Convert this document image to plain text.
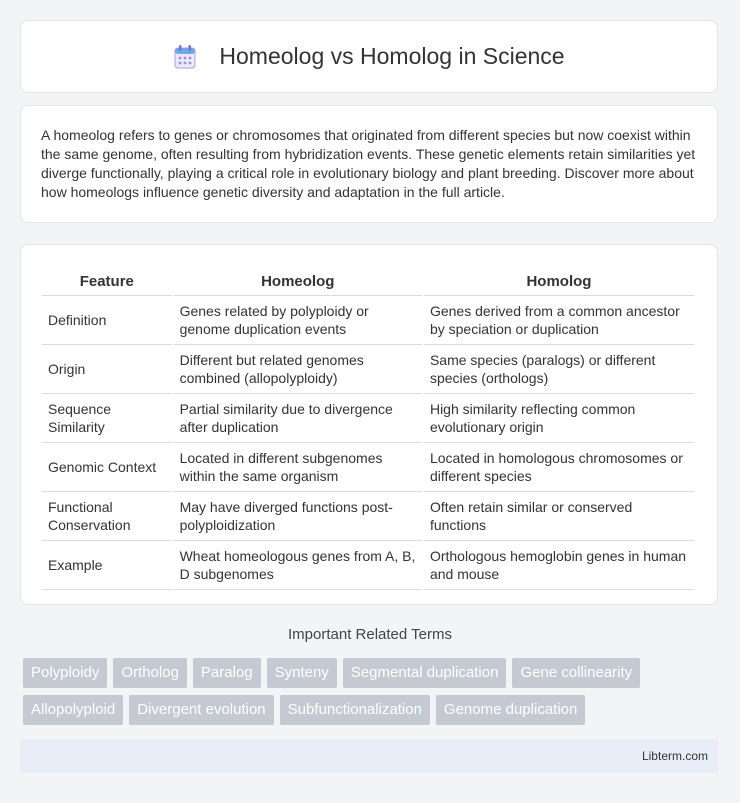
Homeolog vs Homolog in Science

A homeolog refers to genes or chromosomes that originated from different species but now coexist within the same genome, often resulting from hybridization events. These genetic elements retain similarities yet diverge functionally, playing a critical role in evolutionary biology and plant breeding. Discover more about how homeologs influence genetic diversity and adaptation in the full article.

Feature	Homeolog	Homolog
Definition	Genes related by polyploidy or genome duplication events	Genes derived from a common ancestor by speciation or duplication
Origin	Different but related genomes combined (allopolyploidy)	Same species (paralogs) or different species (orthologs)
Sequence Similarity	Partial similarity due to divergence after duplication	High similarity reflecting common evolutionary origin
Genomic Context	Located in different subgenomes within the same organism	Located in homologous chromosomes or different species
Functional Conservation	May have diverged functions post-polyploidization	Often retain similar or conserved functions
Example	Wheat homeologous genes from A, B, D subgenomes	Orthologous hemoglobin genes in human and mouse
Important Related Terms
Polyploidy	Ortholog	Paralog	Synteny	Segmental duplication	Gene collinearity
Allopolyploid	Divergent evolution	Subfunctionalization	Genome duplication
Libterm.com
